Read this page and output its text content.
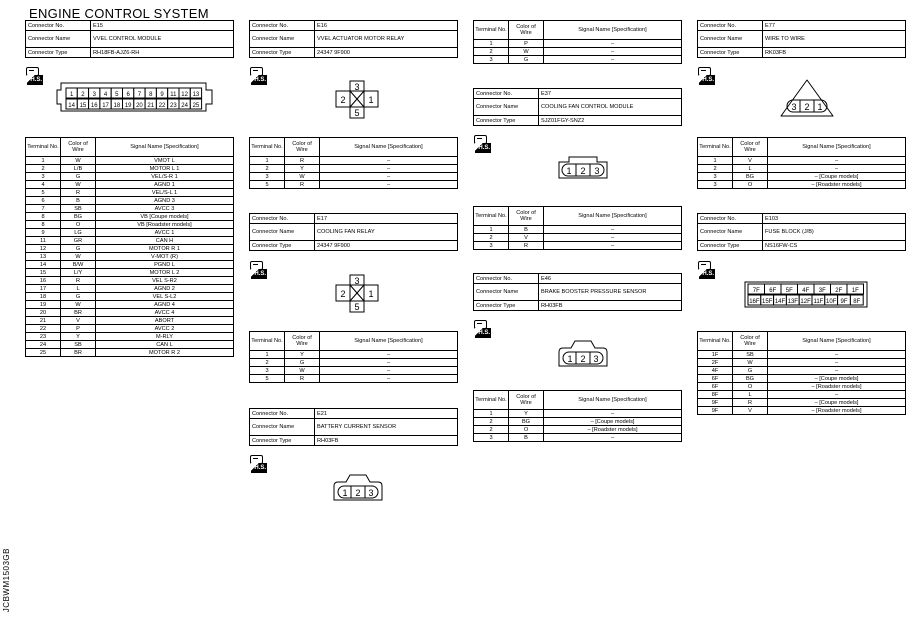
ENGINE CONTROL SYSTEM
JCBWM1503GB
Connector No.	E15
Connector Name	VVEL CONTROL MODULE
Connector Type	RH18FB-AJZ6-RH
H.S.
1 2 3 4 5 6 7 8 9 11 12 13
14 15 16 17 18 19 20 21 22 23 24 25
Terminal No.	Color of Wire	Signal Name [Specification]
1	W	VMOT L
2	L/B	MOTOR L 1
3	G	VEL/S-R 1
4	W	AGND 1
5	R	VEL/S-L 1
6	B	AGND 3
7	SB	AVCC 3
8	BG	VB [Coupe models]
8	O	VB [Roadster models]
9	LG	AVCC 1
11	GR	CAN H
12	G	MOTOR R 1
13	W	V-MOT (R)
14	B/W	PGND L
15	L/Y	MOTOR L 2
16	R	VEL S-R2
17	L	AGND 2
18	G	VEL S-L2
19	W	AGND 4
20	BR	AVCC 4
21	V	ABORT
22	P	AVCC 2
23	Y	M-RLY
24	SB	CAN L
25	BR	MOTOR R 2
Connector No.	E16
Connector Name	VVEL ACTUATOR MOTOR RELAY
Connector Type	24347 9F900
H.S.
3
2	1
5
Terminal No.	Color of Wire	Signal Name [Specification]
1	R	–
2	Y	–
3	W	–
5	R	–
Connector No.	E17
Connector Name	COOLING FAN RELAY
Connector Type	24347 9F900
H.S.
3
2	1
5
Terminal No.	Color of Wire	Signal Name [Specification]
1	Y	–
2	G	–
3	W	–
5	R	–
Connector No.	E21
Connector Name	BATTERY CURRENT SENSOR
Connector Type	RH03FB
H.S.
1 2 3
Terminal No.	Color of Wire	Signal Name [Specification]
1	P	–
2	W	–
3	G	–
Connector No.	E37
Connector Name	COOLING FAN CONTROL MODULE
Connector Type	SJZ01FGY-SNZ2
H.S.
1 2 3
Terminal No.	Color of Wire	Signal Name [Specification]
1	B	–
2	V	–
3	R	–
Connector No.	E46
Connector Name	BRAKE BOOSTER PRESSURE SENSOR
Connector Type	RH03FB
H.S.
1 2 3
Terminal No.	Color of Wire	Signal Name [Specification]
1	Y	–
2	BG	– [Coupe models]
2	O	– [Roadster models]
3	B	–
Connector No.	E77
Connector Name	WIRE TO WIRE
Connector Type	RK03FB
H.S.
3 2 1
Terminal No.	Color of Wire	Signal Name [Specification]
1	V	–
2	L	–
3	BG	– [Coupe models]
3	O	– [Roadster models]
Connector No.	E103
Connector Name	FUSE BLOCK (J/B)
Connector Type	NS16FW-CS
H.S.
7F 6F 5F 4F 3F 2F 1F
16F 15F 14F 13F 12F 11F 10F 9F 8F
Terminal No.	Color of Wire	Signal Name [Specification]
1F	SB	–
2F	W	–
4F	G	–
6F	BG	– [Coupe models]
6F	O	– [Roadster models]
8F	L	–
9F	R	– [Coupe models]
9F	V	– [Roadster models]
